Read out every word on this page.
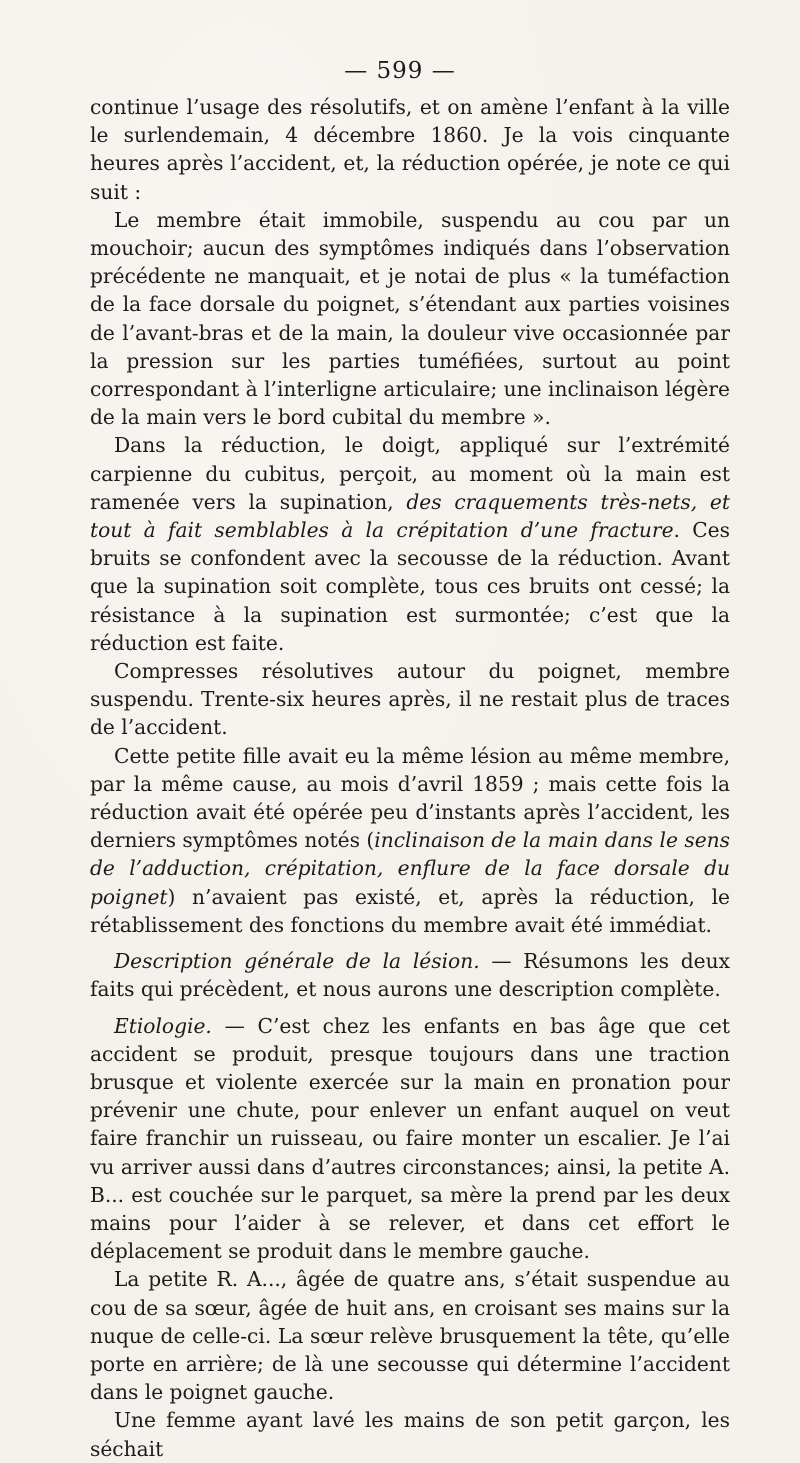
— 599 —

continue l’usage des résolutifs, et on amène l’enfant à la ville le surlendemain, 4 décembre 1860. Je la vois cinquante heures après l’accident, et, la réduction opérée, je note ce qui suit :

Le membre était immobile, suspendu au cou par un mouchoir; aucun des symptômes indiqués dans l’observation précédente ne manquait, et je notai de plus « la tuméfaction de la face dorsale du poignet, s’étendant aux parties voisines de l’avant-bras et de la main, la douleur vive occasionnée par la pression sur les parties tuméfiées, surtout au point correspondant à l’interligne articulaire; une inclinaison légère de la main vers le bord cubital du membre ».

Dans la réduction, le doigt, appliqué sur l’extrémité carpienne du cubitus, perçoit, au moment où la main est ramenée vers la supination, des craquements très-nets, et tout à fait semblables à la crépitation d’une fracture. Ces bruits se confondent avec la secousse de la réduction. Avant que la supination soit complète, tous ces bruits ont cessé; la résistance à la supination est surmontée; c’est que la réduction est faite.

Compresses résolutives autour du poignet, membre suspendu. Trente-six heures après, il ne restait plus de traces de l’accident.

Cette petite fille avait eu la même lésion au même membre, par la même cause, au mois d’avril 1859 ; mais cette fois la réduction avait été opérée peu d’instants après l’accident, les derniers symptômes notés (inclinaison de la main dans le sens de l’adduction, crépitation, enflure de la face dorsale du poignet) n’avaient pas existé, et, après la réduction, le rétablissement des fonctions du membre avait été immédiat.

Description générale de la lésion. — Résumons les deux faits qui précèdent, et nous aurons une description complète.

Etiologie. — C’est chez les enfants en bas âge que cet accident se produit, presque toujours dans une traction brusque et violente exercée sur la main en pronation pour prévenir une chute, pour enlever un enfant auquel on veut faire franchir un ruisseau, ou faire monter un escalier. Je l’ai vu arriver aussi dans d’autres circonstances; ainsi, la petite A. B... est couchée sur le parquet, sa mère la prend par les deux mains pour l’aider à se relever, et dans cet effort le déplacement se produit dans le membre gauche.

La petite R. A..., âgée de quatre ans, s’était suspendue au cou de sa sœur, âgée de huit ans, en croisant ses mains sur la nuque de celle-ci. La sœur relève brusquement la tête, qu’elle porte en arrière; de là une secousse qui détermine l’accident dans le poignet gauche.

Une femme ayant lavé les mains de son petit garçon, les séchait
